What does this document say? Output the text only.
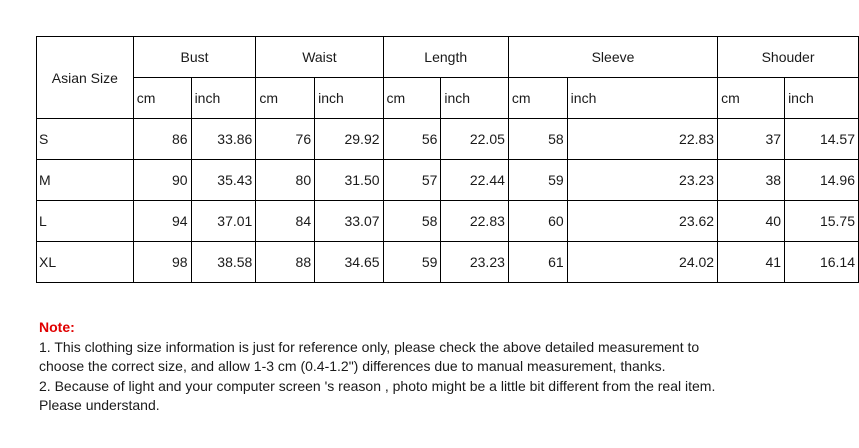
Asian Size	Bust		Waist		Length		Sleeve		Shouder	
	cm	inch	cm	inch	cm	inch	cm	inch	cm	inch
S	86	33.86	76	29.92	56	22.05	58	22.83	37	14.57
M	90	35.43	80	31.50	57	22.44	59	23.23	38	14.96
L	94	37.01	84	33.07	58	22.83	60	23.62	40	15.75
XL	98	38.58	88	34.65	59	23.23	61	24.02	41	16.14

Note:

1. This clothing size information is just for reference only, please check the above detailed measurement to

choose the correct size, and allow 1-3 cm (0.4-1.2") differences due to manual measurement, thanks.

2. Because of light and your computer screen 's reason , photo might be a little bit different from the real item.

Please understand.
